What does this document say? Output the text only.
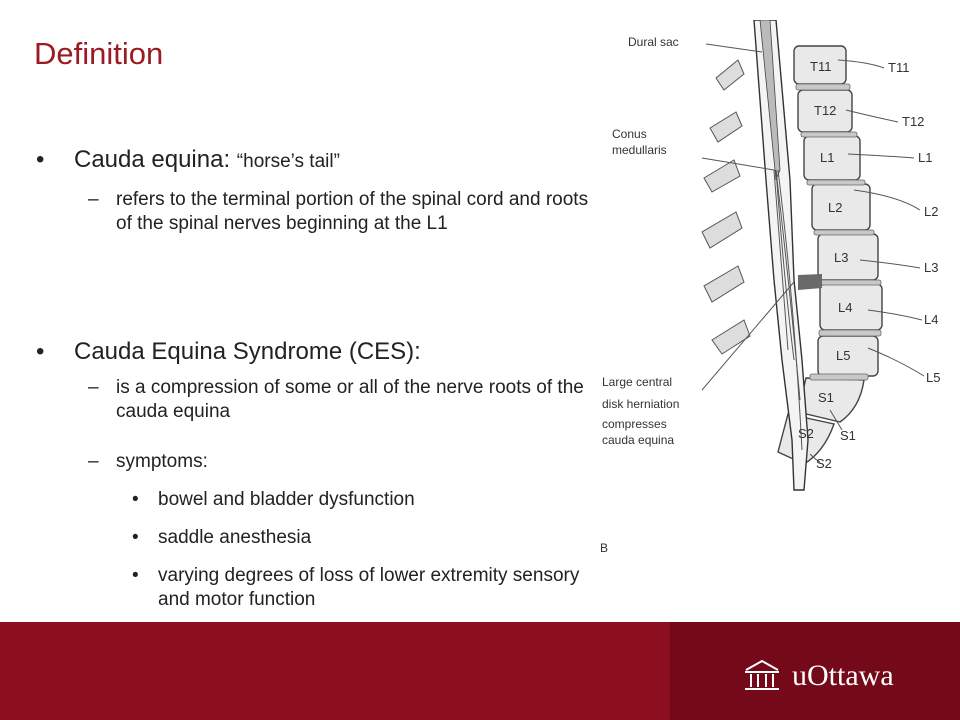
Definition
• Cauda equina: “horse’s tail”
– refers to the terminal portion of the spinal cord and roots of the spinal nerves beginning at the L1
• Cauda Equina Syndrome (CES):
– is a compression of some or all of the nerve roots of the cauda equina
– symptoms:
• bowel and bladder dysfunction
• saddle anesthesia
• varying degrees of loss of lower extremity sensory and motor function
Dural sac
Conus
medullaris
Large central
disk herniation
compresses
cauda equina
T11
T12
L1
L2
L3
L4
L5
S1
S2
T11
T12
L1
L2
L3
L4
L5
S1
S2
B
uOttawa
